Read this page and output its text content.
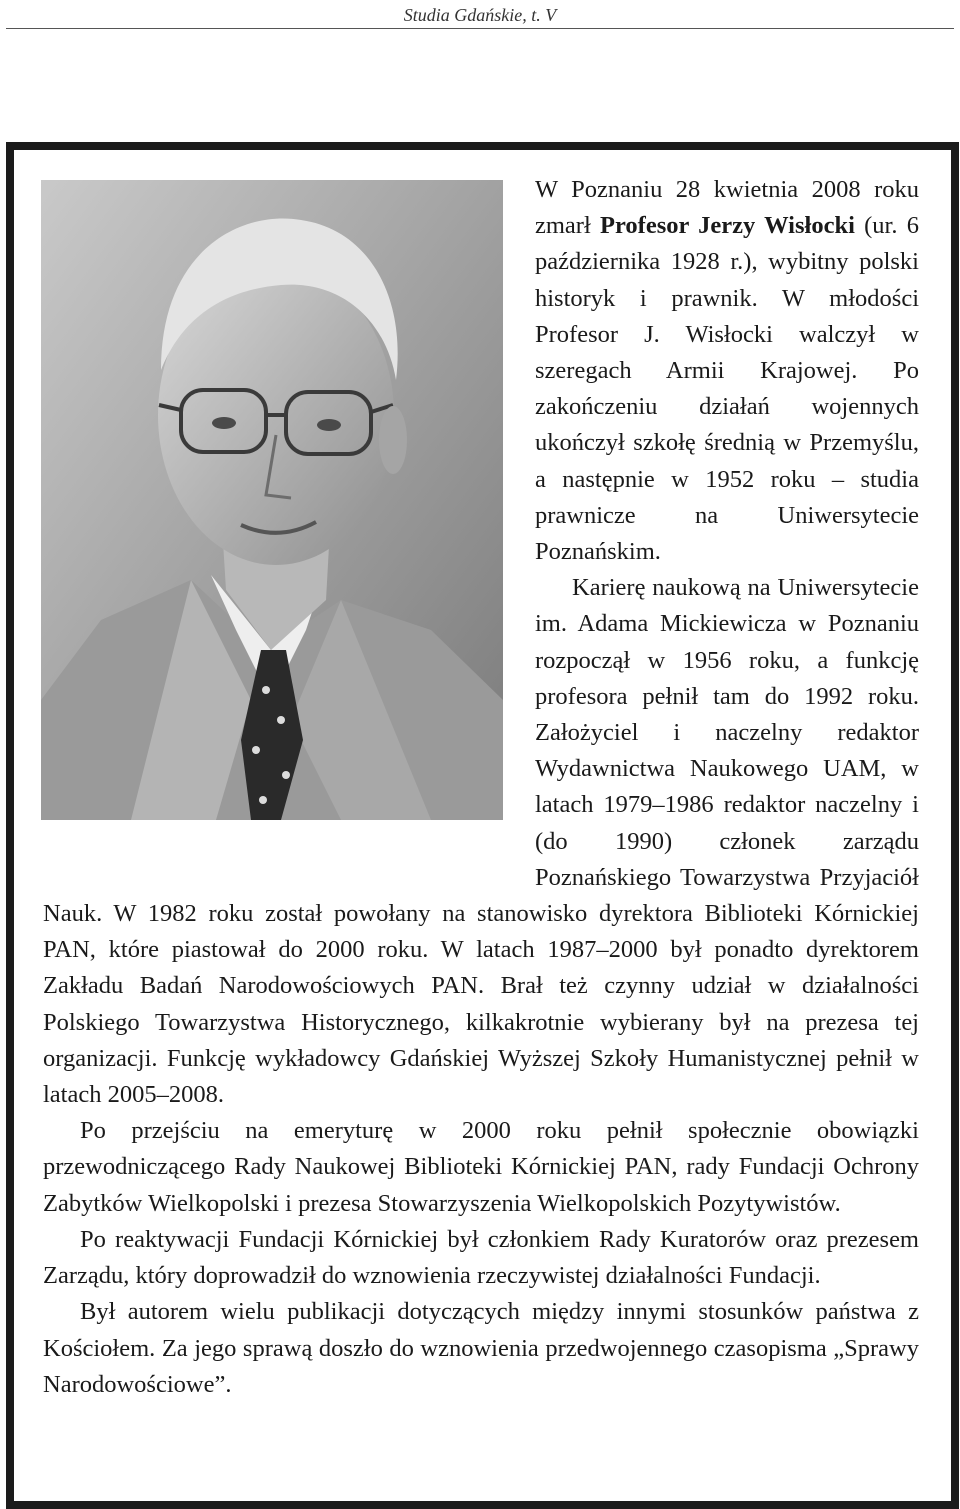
Studia Gdańskie, t. V

W Poznaniu 28 kwietnia 2008 roku zmarł Profesor Jerzy Wisłocki (ur. 6 października 1928 r.), wybitny polski historyk i prawnik. W młodości Profesor J. Wisłocki walczył w szeregach Armii Krajowej. Po zakończeniu działań wojennych ukończył szkołę średnią w Przemyślu, a następnie w 1952 roku – studia prawnicze na Uniwersytecie Poznańskim.

Karierę naukową na Uniwersytecie im. Adama Mickiewicza w Poznaniu rozpoczął w 1956 roku, a funkcję profesora pełnił tam do 1992 roku. Założyciel i naczelny redaktor Wydawnictwa Naukowego UAM, w latach 1979–1986 redaktor naczelny i (do 1990) członek zarządu Poznańskiego Towarzystwa Przyjaciół Nauk. W 1982 roku został powołany na stanowisko dyrektora Biblioteki Kórnickiej PAN, które piastował do 2000 roku. W latach 1987–2000 był ponadto dyrektorem Zakładu Badań Narodowościowych PAN. Brał też czynny udział w działalności Polskiego Towarzystwa Historycznego, kilkakrotnie wybierany był na prezesa tej organizacji. Funkcję wykładowcy Gdańskiej Wyższej Szkoły Humanistycznej pełnił w latach 2005–2008.

Po przejściu na emeryturę w 2000 roku pełnił społecznie obowiązki przewodniczącego Rady Naukowej Biblioteki Kórnickiej PAN, rady Fundacji Ochrony Zabytków Wielkopolski i prezesa Stowarzyszenia Wielkopolskich Pozytywistów.

Po reaktywacji Fundacji Kórnickiej był członkiem Rady Kuratorów oraz prezesem Zarządu, który doprowadził do wznowienia rzeczywistej działalności Fundacji.

Był autorem wielu publikacji dotyczących między innymi stosunków państwa z Kościołem. Za jego sprawą doszło do wznowienia przedwojennego czasopisma „Sprawy Narodowościowe”.
